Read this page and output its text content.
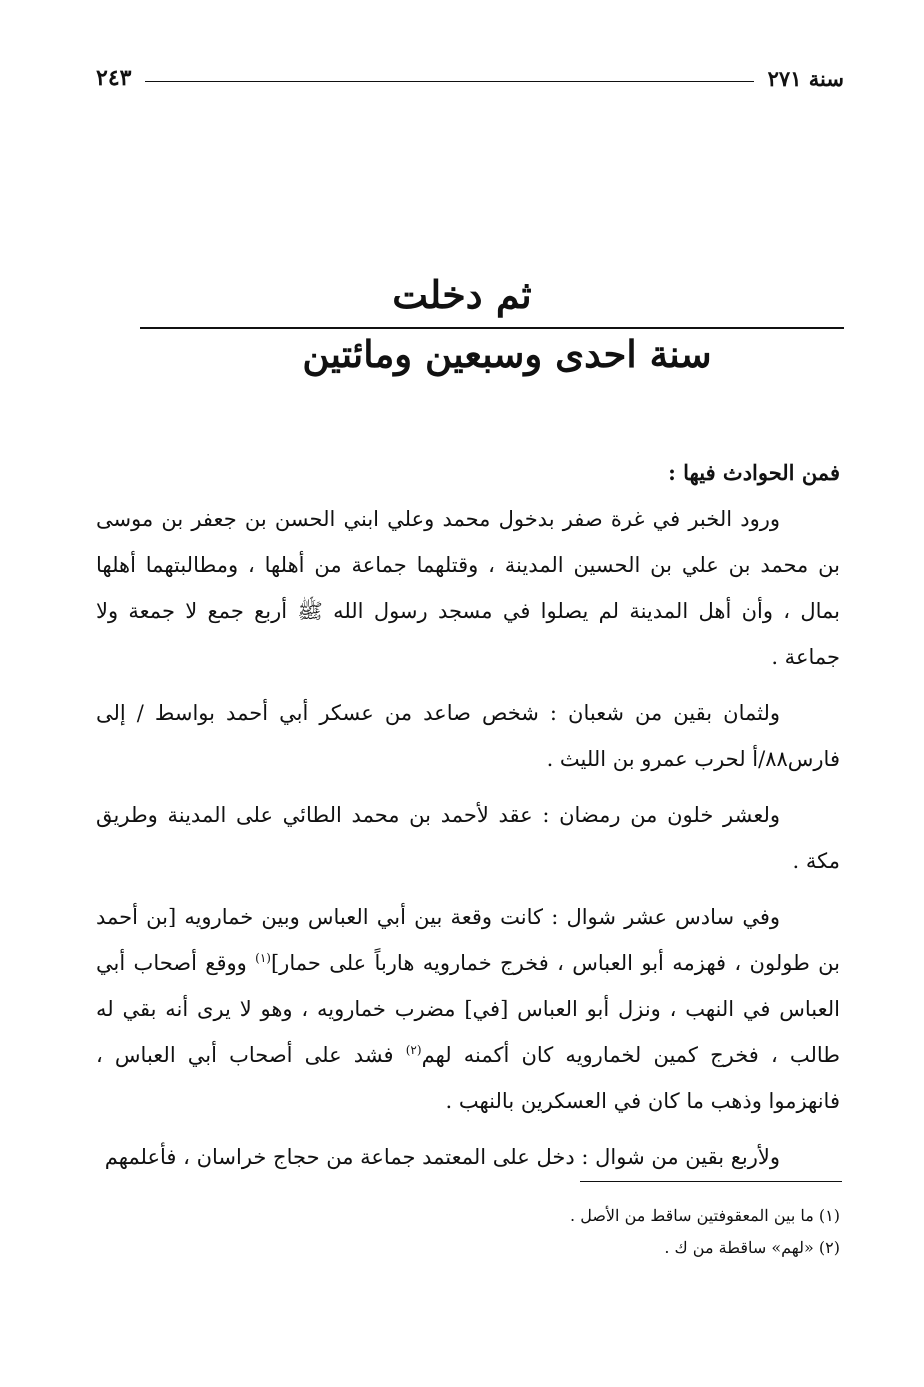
سنة ٢٧١
٢٤٣
ثم دخلت
سنة احدى وسبعين ومائتين

فمن الحوادث فيها :

ورود الخبر في غرة صفر بدخول محمد وعلي ابني الحسن بن جعفر بن موسى بن محمد بن علي بن الحسين المدينة ، وقتلهما جماعة من أهلها ، ومطالبتهما أهلها بمال ، وأن أهل المدينة لم يصلوا في مسجد رسول الله ﷺ أربع جمع لا جمعة ولا جماعة .

ولثمان بقين من شعبان : شخص صاعد من عسكر أبي أحمد بواسط / إلى فارس٨٨/أ لحرب عمرو بن الليث .

ولعشر خلون من رمضان : عقد لأحمد بن محمد الطائي على المدينة وطريق مكة .

وفي سادس عشر شوال : كانت وقعة بين أبي العباس وبين خمارويه [بن أحمد بن طولون ، فهزمه أبو العباس ، فخرج خمارويه هارباً على حمار]$^{(١)}$ ووقع أصحاب أبي العباس في النهب ، ونزل أبو العباس [في] مضرب خمارويه ، وهو لا يرى أنه بقي له طالب ، فخرج كمين لخمارويه كان أكمنه لهم$^{(٢)}$ فشد على أصحاب أبي العباس ، فانهزموا وذهب ما كان في العسكرين بالنهب .

ولأربع بقين من شوال : دخل على المعتمد جماعة من حجاج خراسان ، فأعلمهم

(١) ما بين المعقوفتين ساقط من الأصل .

(٢) «لهم» ساقطة من ك .
